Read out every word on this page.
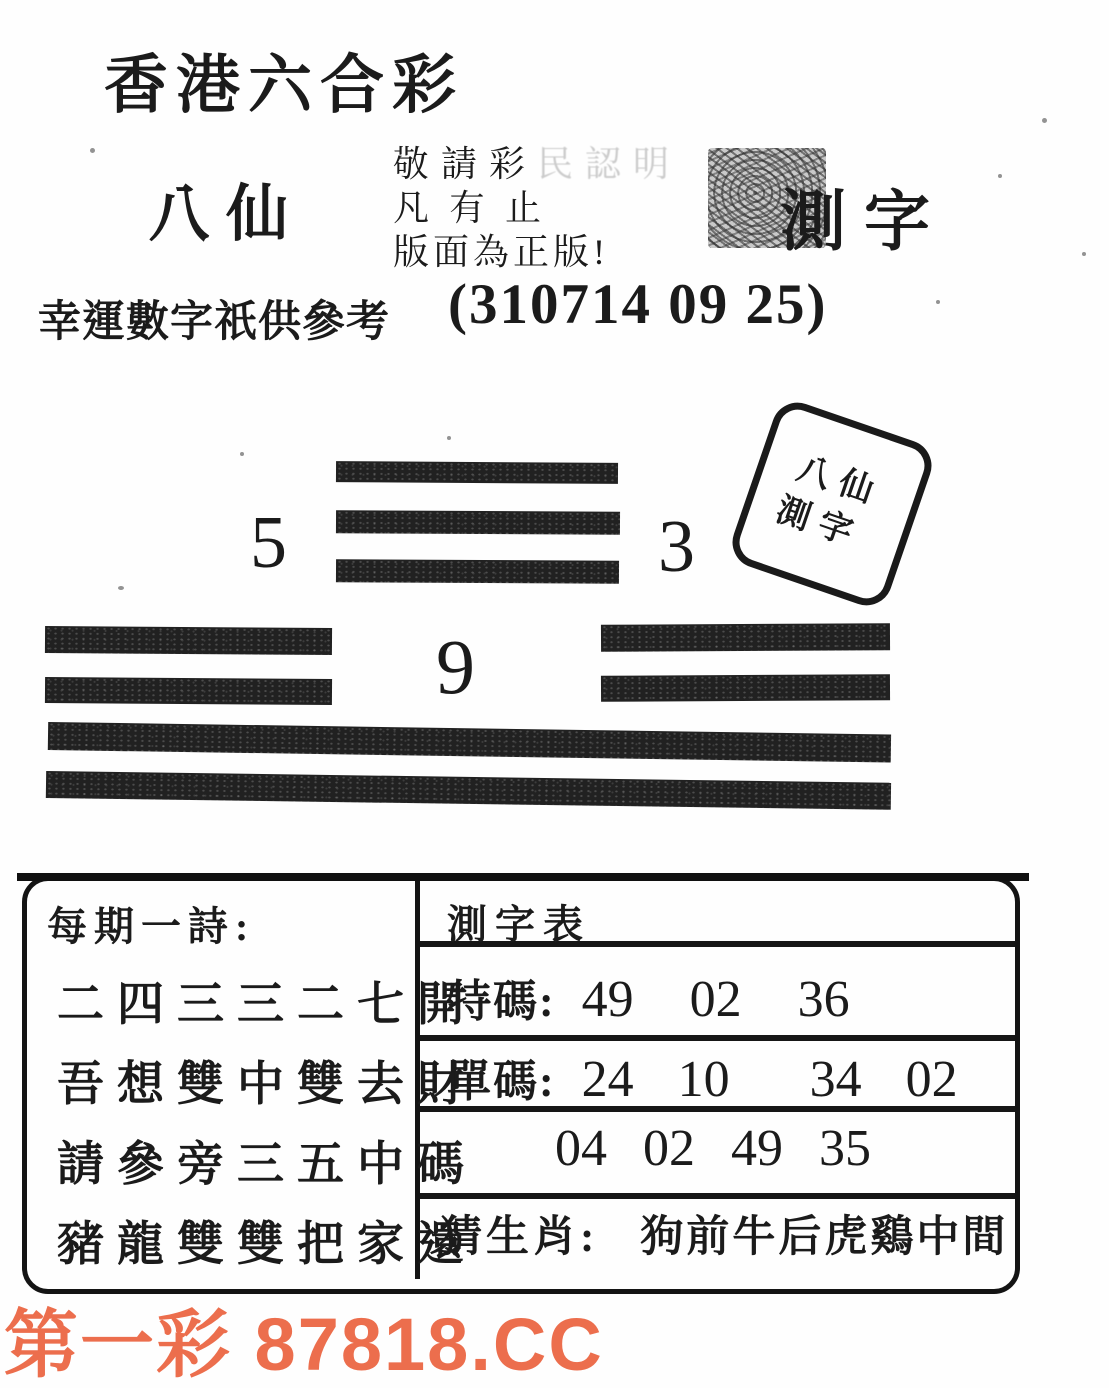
香港六合彩
八仙
敬請彩民認明
凡有止
版面為正版!	測字
幸運數字祇供參考 (310714 09 25)
5	3
八仙
測字
9
每期一詩:
二四三三二七開
吾想雙中雙去財
請參旁三五中碼
豬龍雙雙把家還
測字表
特碼: 49 02 36
單碼: 24 10 34 02
04 02 49 35
猜生肖: 狗前牛后虎鷄中間
第一彩 87818.CC
